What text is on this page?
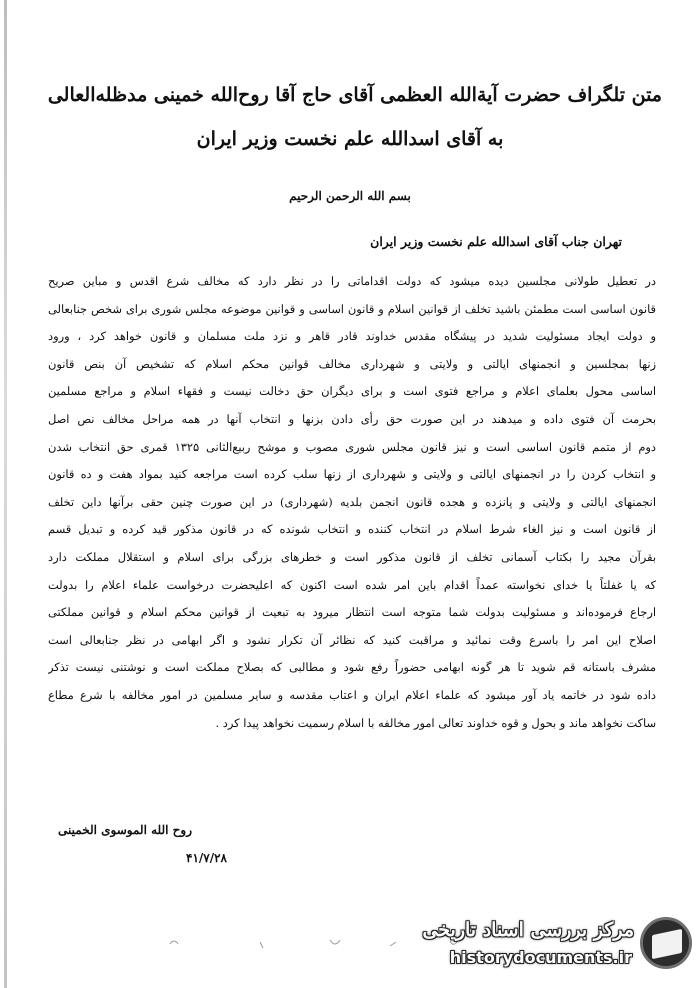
متن تلگراف حضرت آیة‌الله العظمی آقای حاج آقا روح‌الله خمینی مدظله‌العالی
به آقای اسدالله علم نخست وزیر ایران
بسم الله الرحمن الرحیم
تهران جناب آقای اسدالله علم نخست وزیر ایران
در تعطیل طولانی مجلسین دیده میشود که دولت اقداماتی را در نظر دارد که مخالف شرع اقدس و مباین صریح
قانون اساسی است مطمئن باشید تخلف از قوانین اسلام و قانون اساسی و قوانین موضوعه مجلس شوری برای شخص جنابعالی
و دولت ایجاد مسئولیت شدید در پیشگاه مقدس خداوند قادر قاهر و نزد ملت مسلمان و قانون خواهد کرد ، ورود
زنها بمجلسین و انجمنهای ایالتی و ولایتی و شهرداری مخالف قوانین محکم اسلام که تشخیص آن بنص قانون
اساسی محول بعلمای اعلام و مراجع فتوی است و برای دیگران حق دخالت نیست و فقهاء اسلام و مراجع مسلمین
بحرمت آن فتوی داده و میدهند در این صورت حق رأی دادن بزنها و انتخاب آنها در همه مراحل مخالف نص اصل
دوم از متمم قانون اساسی است و نیز قانون مجلس شوری مصوب و موشح ربیع‌الثانی ۱۳۲۵ قمری حق انتخاب شدن
و انتخاب کردن را در انجمنهای ایالتی و ولایتی و شهرداری از زنها سلب کرده است مراجعه کنید بمواد هفت و ده قانون
انجمنهای ایالتی و ولایتی و پانزده و هجده قانون انجمن بلدیه (شهرداری) در این صورت چنین حقی برآنها داین تخلف
از قانون است و نیز الغاء شرط اسلام در انتخاب کننده و انتخاب شونده که در قانون مذکور قید کرده و تبدیل قسم
بقرآن مجید را بکتاب آسمانی تخلف از قانون مذکور است و خطرهای بزرگی برای اسلام و استقلال مملکت دارد
که یا غفلتاً یا خدای نخواسته عمداً اقدام باین امر شده است اکنون که اعلیحضرت درخواست علماء اعلام را بدولت
ارجاع فرموده‌اند و مسئولیت بدولت شما متوجه است انتظار میرود به تبعیت از قوانین محکم اسلام و قوانین مملکتی
اصلاح این امر را باسرع وقت نمائید و مراقبت کنید که نظائر آن تکرار نشود و اگر ابهامی در نظر جنابعالی است
مشرف باستانه قم شوید تا هر گونه ابهامی حضوراً رفع شود و مطالبی که بصلاح مملکت است و نوشتنی نیست تذکر
داده شود در خاتمه یاد آور میشود که علماء اعلام ایران و اعتاب مقدسه و سایر مسلمین در امور مخالفه با شرع مطاع
ساکت نخواهد ماند و بحول و قوه خداوند تعالی امور مخالفه با اسلام رسمیت نخواهد پیدا کرد .
روح الله الموسوی الخمینی
۴۱/۷/۲۸
مرکز بررسی اسناد تاریخی
historydocuments.ir
